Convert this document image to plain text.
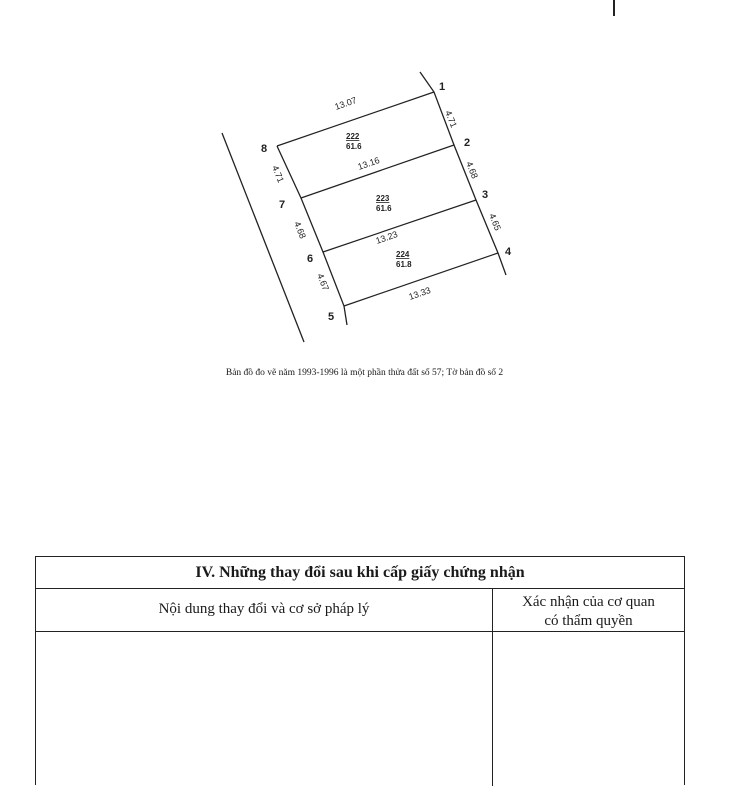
1
2
3
4
5
6
7
8
13.07
4.71
4.68
4.65
13.16
13.23
13.33
4.71
4.68
4.67
222
61.6
223
61.6
224
61.8
Bản đồ đo vẽ năm 1993-1996 là một phần thửa đất số 57; Tờ bản đồ số 2
IV. Những thay đổi sau khi cấp giấy chứng nhận
Nội dung thay đổi và cơ sở pháp lý	Xác nhận của cơ quan
có thẩm quyền
